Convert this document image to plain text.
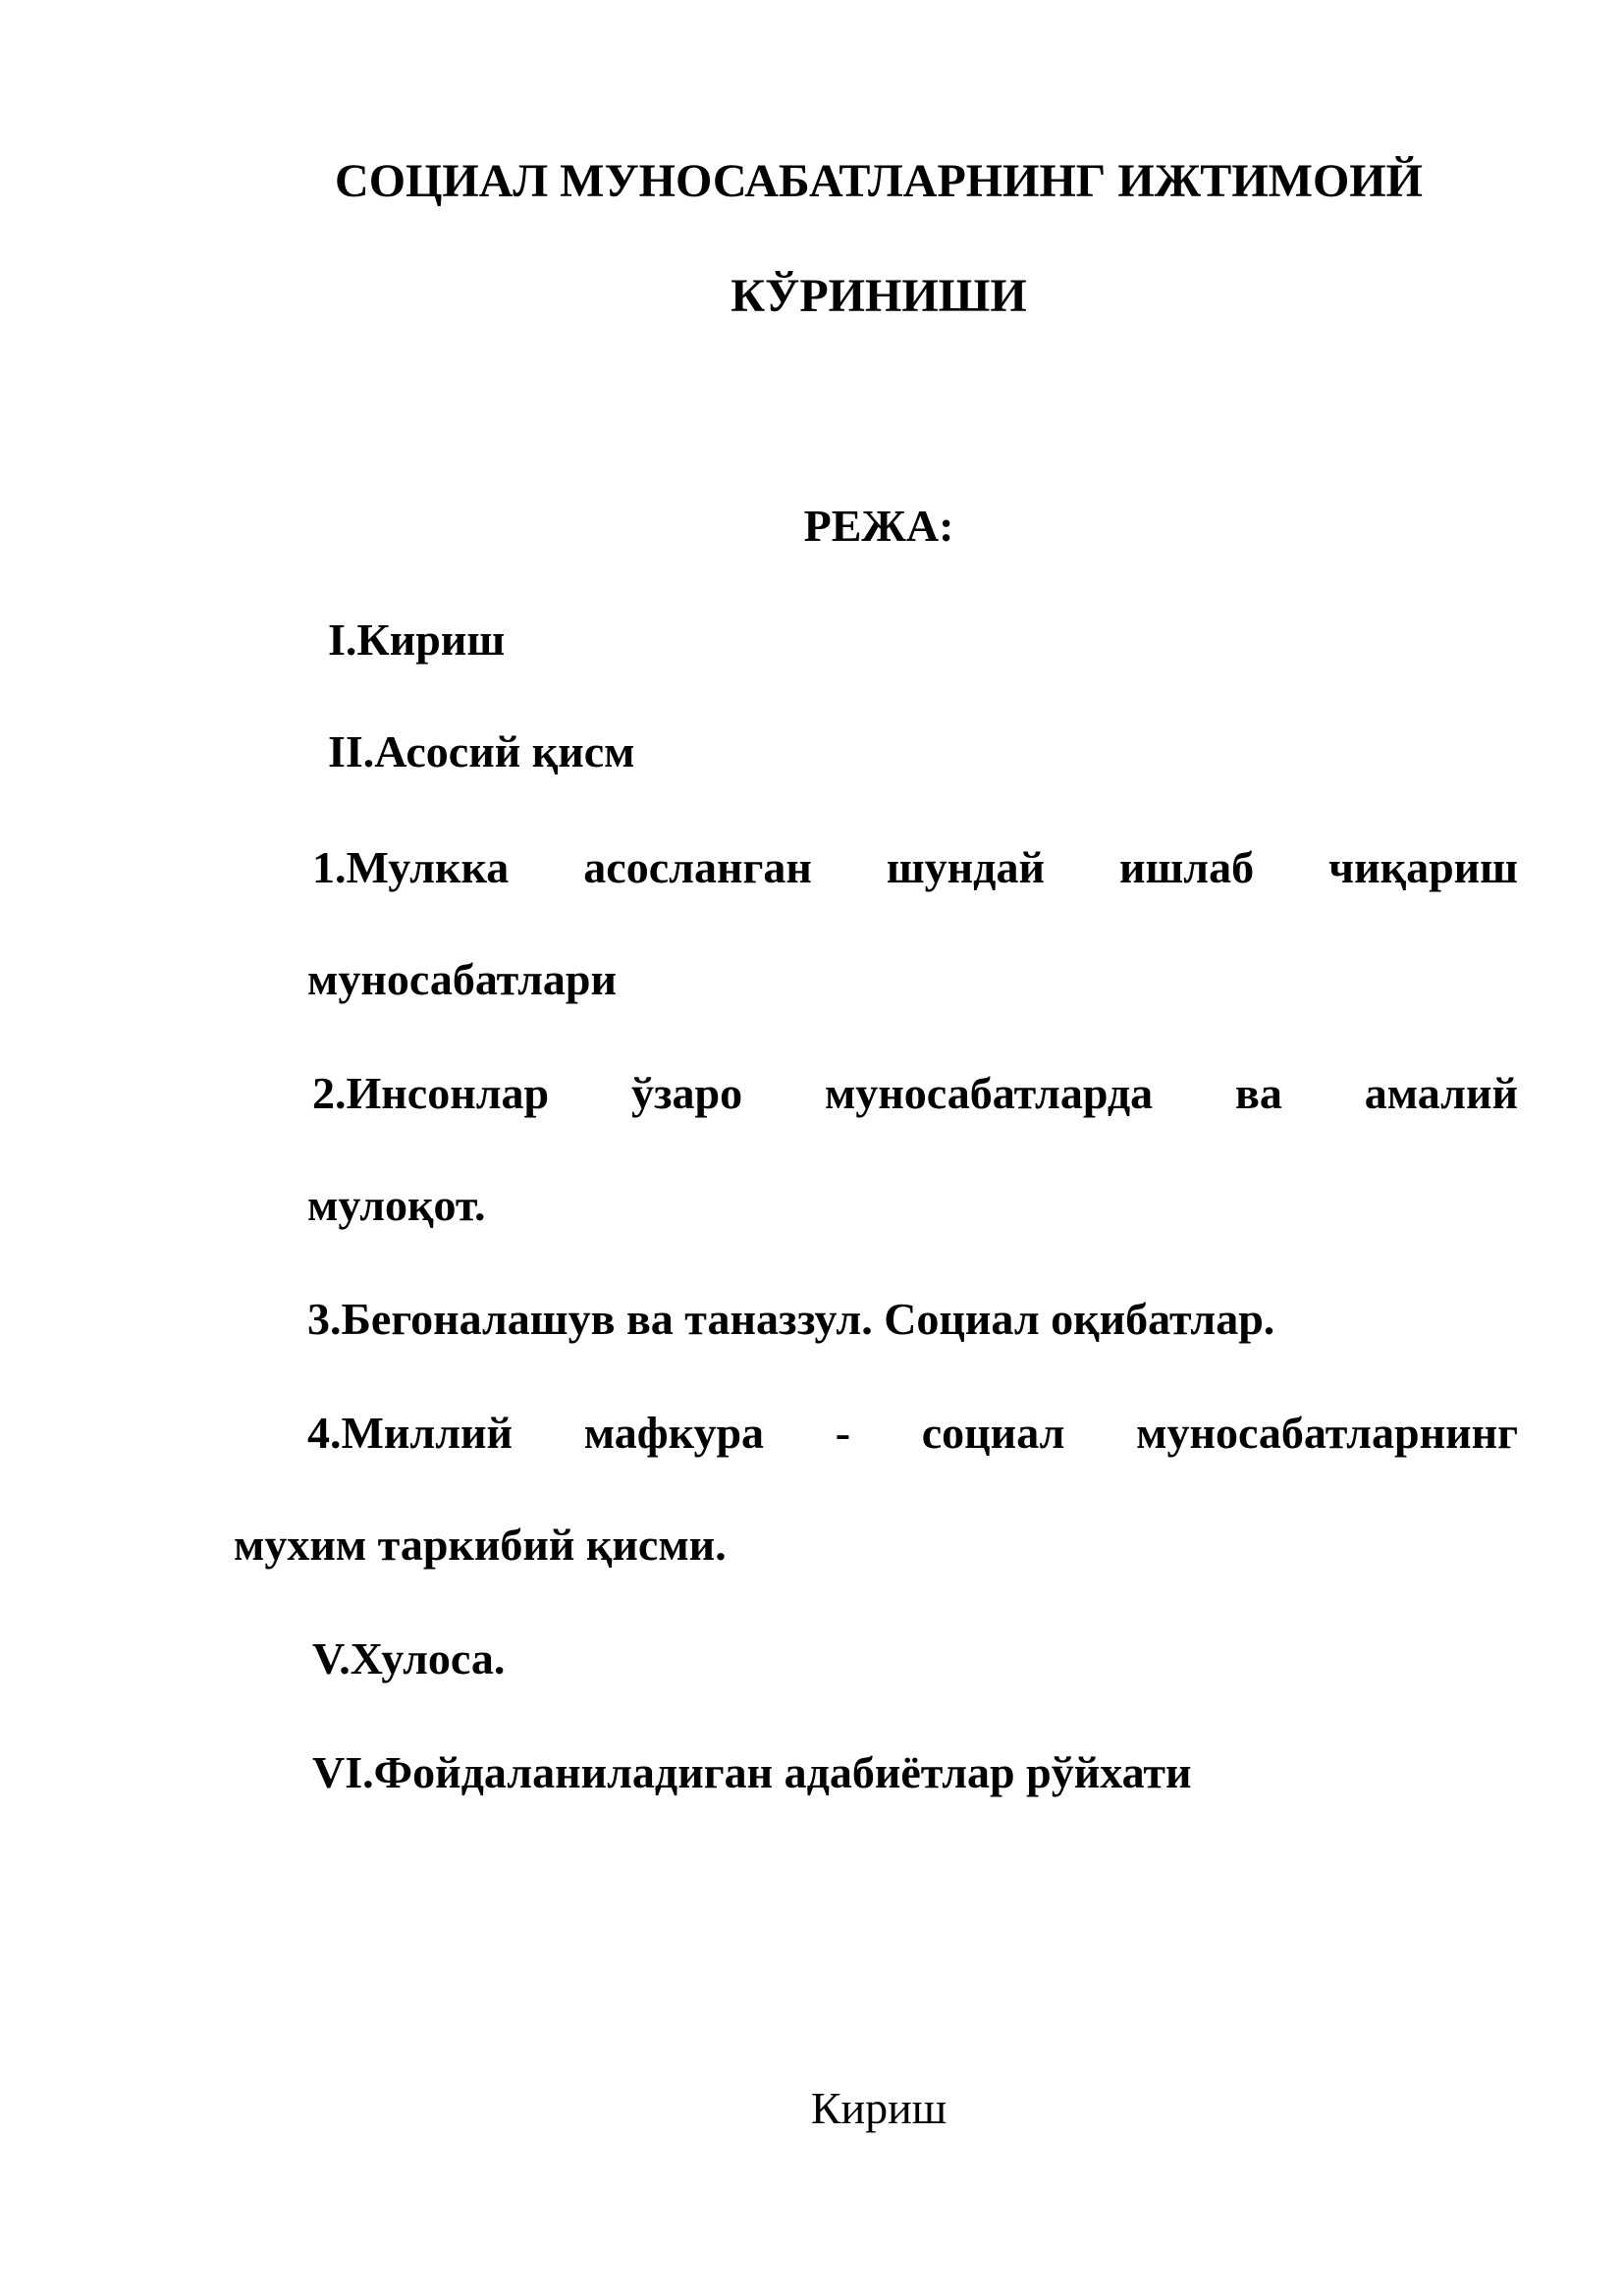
СОЦИАЛ МУНОСАБАТЛАРНИНГ ИЖТИМОИЙ
КЎРИНИШИ
РЕЖА:
I.Кириш
II.Асосий қисм
1.Мулкка асосланган шундай ишлаб чиқариш
муносабатлари
2.Инсонлар ўзаро муносабатларда ва амалий
мулоқот.
3.Бегоналашув ва таназзул. Социал оқибатлар.
4.Миллий мафкура - социал муносабатларнинг
мухим таркибий қисми.
V.Хулоса.
VI.Фойдаланиладиган адабиётлар рўйхати
Кириш
